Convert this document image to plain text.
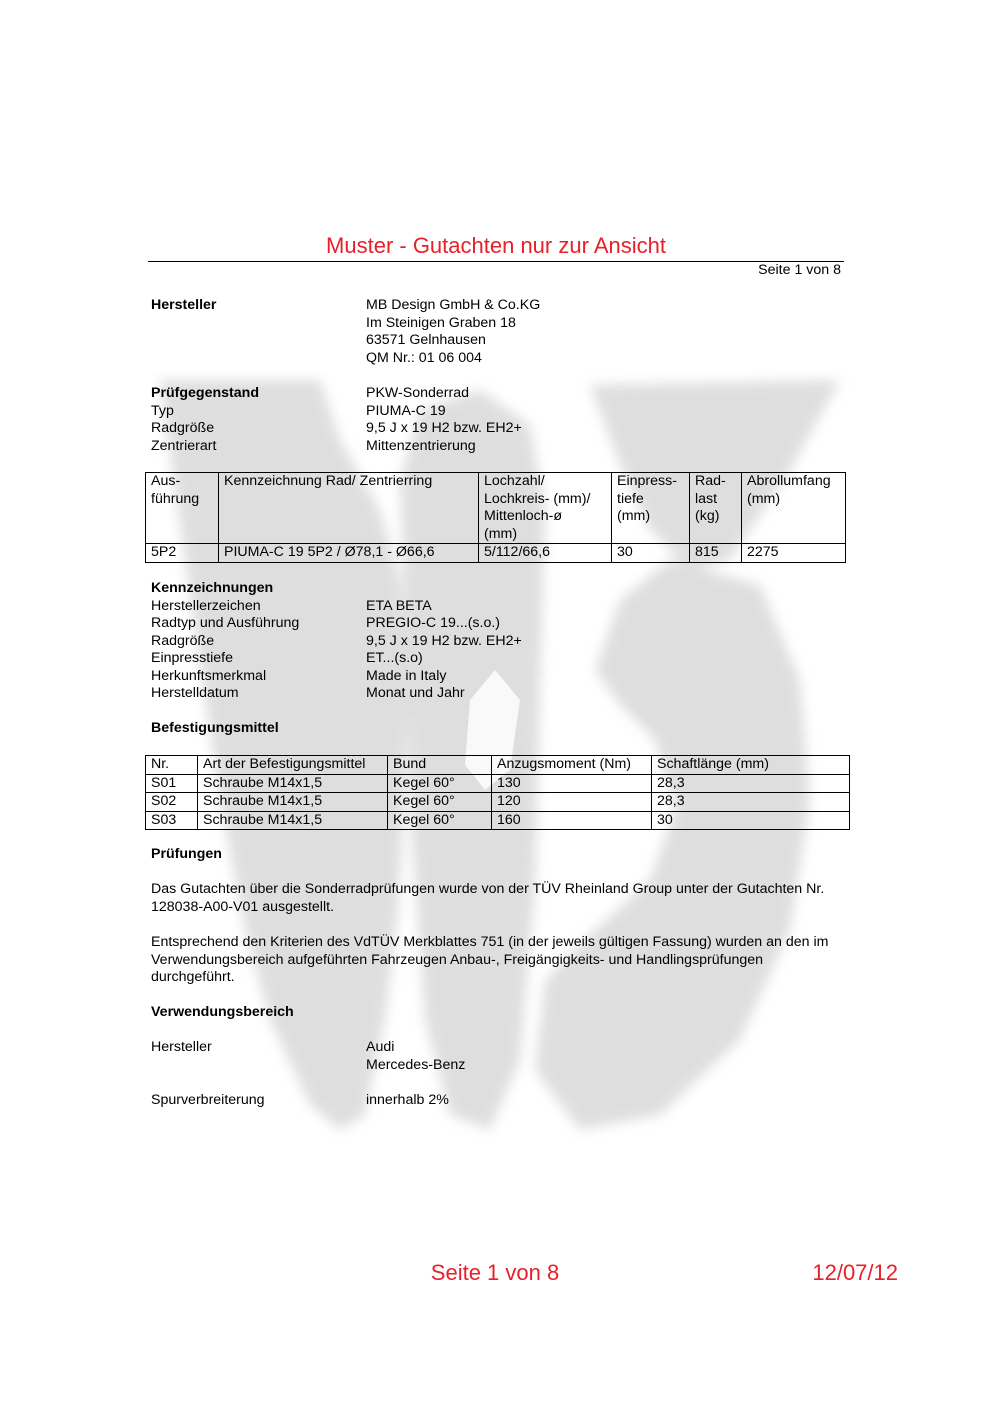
Muster - Gutachten nur zur Ansicht
Seite 1 von 8
Hersteller	MB Design GmbH & Co.KG
Im Steinigen Graben 18
63571 Gelnhausen
QM Nr.: 01 06 004
Prüfgegenstand	PKW-Sonderrad
Typ	PIUMA-C 19
Radgröße	9,5 J x 19 H2 bzw. EH2+
Zentrierart	Mittenzentrierung
Aus-
führung	Kennzeichnung Rad/ Zentrierring	Lochzahl/
Lochkreis- (mm)/
Mittenloch-ø
(mm)	Einpress-
tiefe
(mm)	Rad-
last
(kg)	Abrollumfang
(mm)
5P2	PIUMA-C 19 5P2 / Ø78,1 - Ø66,6	5/112/66,6	30	815	2275
Kennzeichnungen
Herstellerzeichen	ETA BETA
Radtyp und Ausführung	PREGIO-C 19...(s.o.)
Radgröße	9,5 J x 19 H2 bzw. EH2+
Einpresstiefe	ET...(s.o)
Herkunftsmerkmal	Made in Italy
Herstelldatum	Monat und Jahr
Befestigungsmittel
Nr.	Art der Befestigungsmittel	Bund	Anzugsmoment (Nm)	Schaftlänge (mm)
S01	Schraube M14x1,5	Kegel 60°	130	28,3
S02	Schraube M14x1,5	Kegel 60°	120	28,3
S03	Schraube M14x1,5	Kegel 60°	160	30
Prüfungen
Das Gutachten über die Sonderradprüfungen wurde von der TÜV Rheinland Group unter der Gutachten Nr. 128038-A00-V01 ausgestellt.
Entsprechend den Kriterien des VdTÜV Merkblattes 751 (in der jeweils gültigen Fassung) wurden an den im Verwendungsbereich aufgeführten Fahrzeugen Anbau-, Freigängigkeits- und Handlingsprüfungen durchgeführt.
Verwendungsbereich
Hersteller	Audi
Mercedes-Benz
Spurverbreiterung	innerhalb 2%
Seite 1 von 8	12/07/12
